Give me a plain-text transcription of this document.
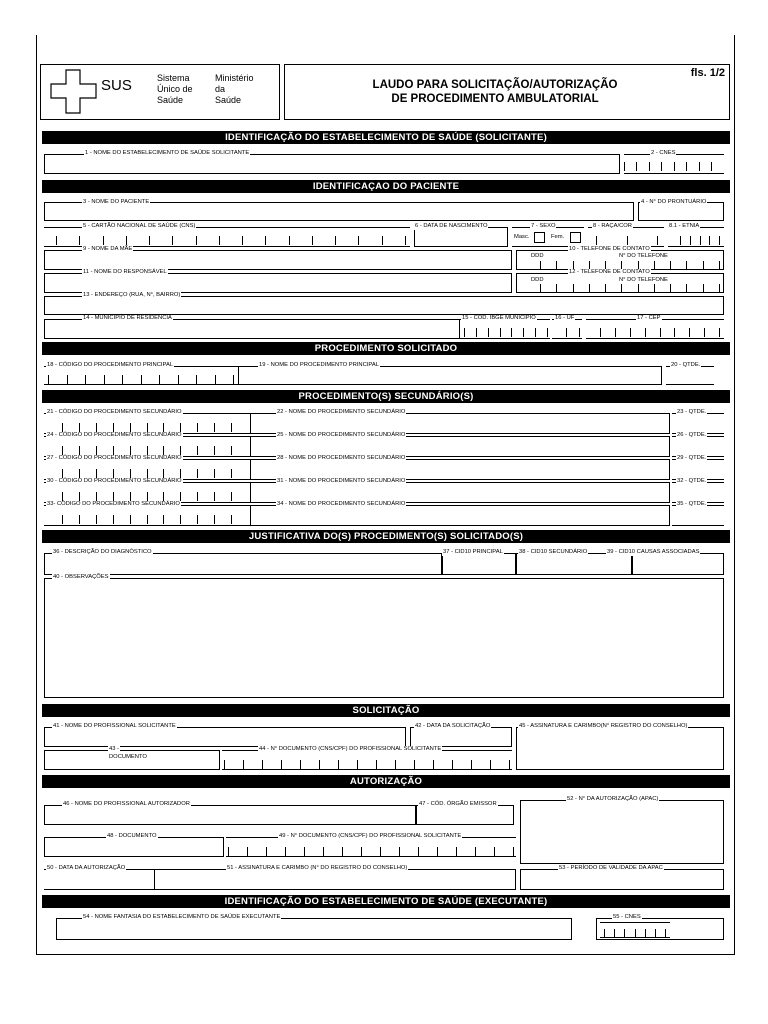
SUS	Sistema
Único de
Saúde
Ministério
da
Saúde
LAUDO PARA SOLICITAÇÃO/AUTORIZAÇÃO
DE PROCEDIMENTO AMBULATORIAL
fls. 1/2
IDENTIFICAÇÃO DO ESTABELECIMENTO DE SAÚDE (SOLICITANTE)
1 - NOME DO ESTABELECIMENTO DE SAÚDE SOLICITANTE	2 - CNES
IDENTIFICAÇAO DO PACIENTE
3 - NOME DO PACIENTE	4 - N° DO PRONTUÁRIO
5 - CARTÃO NACIONAL DE SAÚDE (CNS)	6 - DATA DE NASCIMENTO	7 - SEXO
Masc.	Fem.
8 - RAÇA/COR	8.1 - ETNIA
9 - NOME DA MÃE	10 - TELEFONE DE CONTATO
DDD	N° DO TELEFONE
11 - NOME DO RESPONSÁVEL	12 - TELEFONE DE CONTATO
DDD	N° DO TELEFONE
13 - ENDEREÇO (RUA, N°, BAIRRO)
14 - MUNICÍPIO DE RESIDÊNCIA	15 - CÓD. IBGE MUNICÍPIO	16 - UF	17 - CEP
PROCEDIMENTO SOLICITADO
18 - CÓDIGO DO PROCEDIMENTO PRINCIPAL	19 - NOME DO PROCEDIMENTO PRINCIPAL	20 - QTDE.
PROCEDIMENTO(S) SECUNDÁRIO(S)
21 - CÓDIGO DO PROCEDIMENTO SECUNDÁRIO	22 - NOME DO PROCEDIMENTO SECUNDÁRIO	23 - QTDE.
24 - CÓDIGO DO PROCEDIMENTO SECUNDÁRIO	25 - NOME DO PROCEDIMENTO SECUNDÁRIO	26 - QTDE.
27 - CÓDIGO DO PROCEDIMENTO SECUNDÁRIO	28 - NOME DO PROCEDIMENTO SECUNDÁRIO	29 - QTDE.
30 - CÓDIGO DO PROCEDIMENTO SECUNDÁRIO	31 - NOME DO PROCEDIMENTO SECUNDÁRIO	32 - QTDE.
33- CÓDIGO DO PROCEDIMENTO SECUNDÁRIO	34 - NOME DO PROCEDIMENTO SECUNDÁRIO	35 - QTDE.
JUSTIFICATIVA DO(S) PROCEDIMENTO(S) SOLICITADO(S)
36 - DESCRIÇÃO DO DIAGNÓSTICO	37 - CID10 PRINCIPAL	38 - CID10 SECUNDÁRIO	39 - CID10 CAUSAS ASSOCIADAS
40 - OBSERVAÇÕES
SOLICITAÇÃO
41 - NOME DO PROFISSIONAL SOLICITANTE	42 - DATA DA SOLICITAÇÃO	45 - ASSINATURA E CARIMBO(N° REGISTRO DO CONSELHO)
43 -
DOCUMENTO
44 - N° DOCUMENTO (CNS/CPF) DO PROFISSIONAL SOLICITANTE
AUTORIZAÇÃO
46 - NOME DO PROFISSIONAL AUTORIZADOR	47 - CÓD. ÓRGÃO EMISSOR
52 - N° DA AUTORIZAÇÃO (APAC)
48 - DOCUMENTO	49 - N° DOCUMENTO (CNS/CPF) DO PROFISSIONAL SOLICITANTE
50 - DATA DA AUTORIZAÇÃO	51 - ASSINATURA E CARIMBO (N° DO REGISTRO DO CONSELHO)	53 - PERÍODO DE VALIDADE DA APAC
IDENTIFICAÇÃO DO ESTABELECIMENTO DE SAÚDE (EXECUTANTE)
54 - NOME FANTASIA DO ESTABELECIMENTO DE SAÚDE EXECUTANTE	55 - CNES
